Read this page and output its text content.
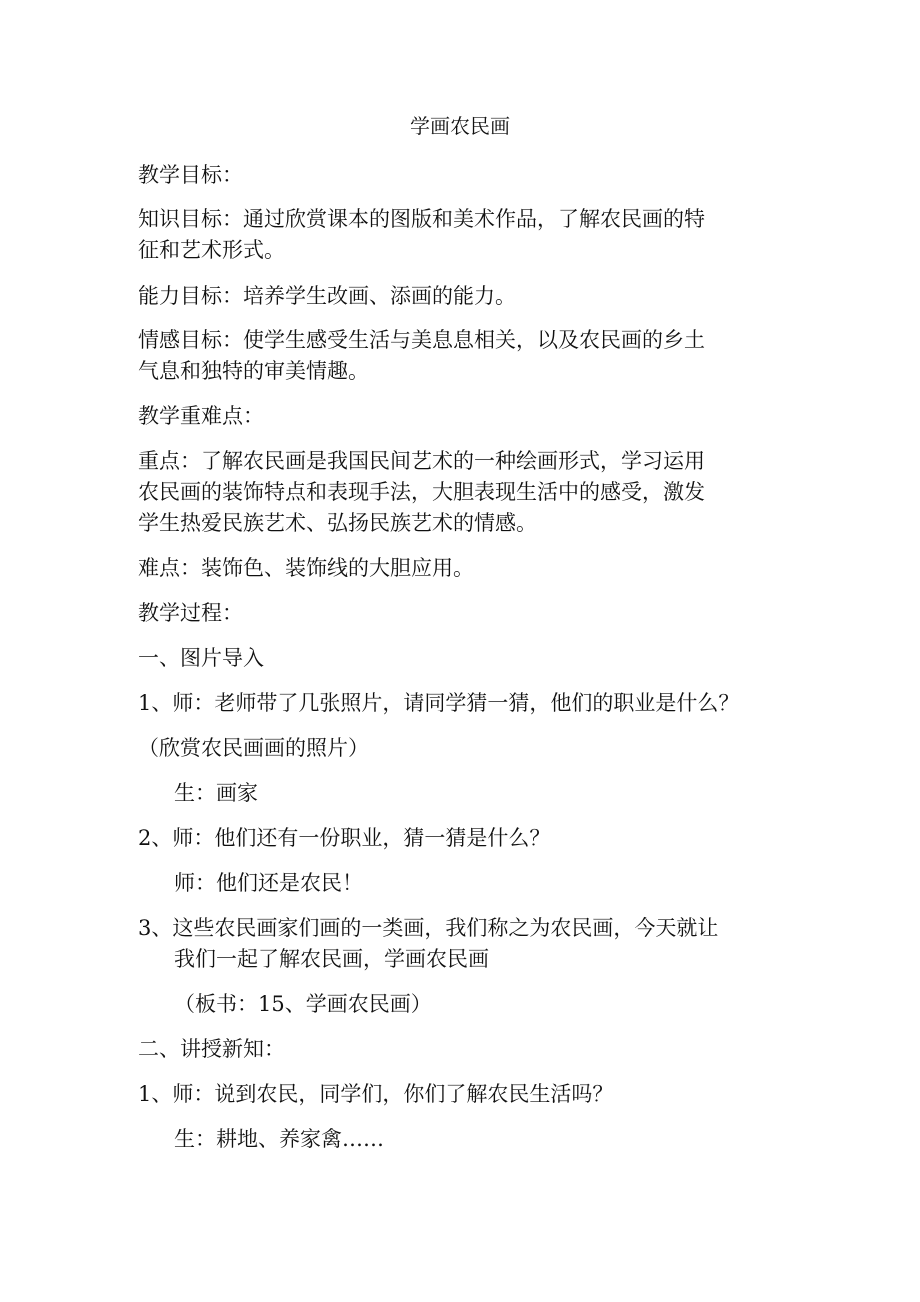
学画农民画
教学目标：
知识目标：通过欣赏课本的图版和美术作品，了解农民画的特
征和艺术形式。
能力目标：培养学生改画、添画的能力。
情感目标：使学生感受生活与美息息相关，以及农民画的乡土
气息和独特的审美情趣。
教学重难点：
重点：了解农民画是我国民间艺术的一种绘画形式，学习运用
农民画的装饰特点和表现手法，大胆表现生活中的感受，激发
学生热爱民族艺术、弘扬民族艺术的情感。
难点：装饰色、装饰线的大胆应用。
教学过程：
一、图片导入
1、师：老师带了几张照片，请同学猜一猜，他们的职业是什么？
（欣赏农民画画的照片）
生：画家
2、师：他们还有一份职业，猜一猜是什么？
师：他们还是农民！
3、这些农民画家们画的一类画，我们称之为农民画，今天就让
我们一起了解农民画，学画农民画
（板书：15、学画农民画）
二、讲授新知：
1、师：说到农民，同学们，你们了解农民生活吗？
生：耕地、养家禽……
